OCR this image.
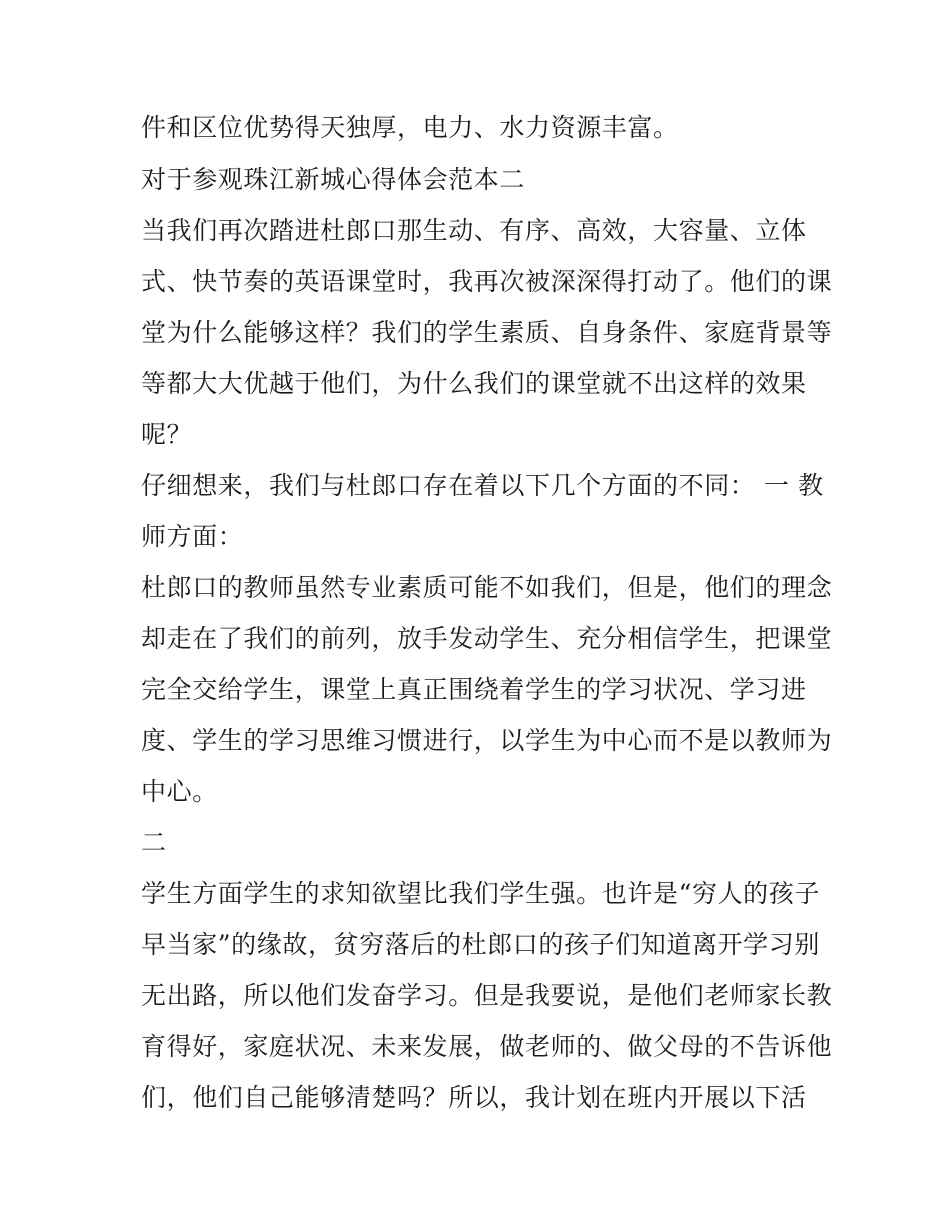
件和区位优势得天独厚，电力、水力资源丰富。
对于参观珠江新城心得体会范本二
当我们再次踏进杜郎口那生动、有序、高效，大容量、立体
式、快节奏的英语课堂时，我再次被深深得打动了。他们的课
堂为什么能够这样？我们的学生素质、自身条件、家庭背景等
等都大大优越于他们，为什么我们的课堂就不出这样的效果
呢？
仔细想来，我们与杜郎口存在着以下几个方面的不同： 一 教
师方面：
杜郎口的教师虽然专业素质可能不如我们，但是，他们的理念
却走在了我们的前列，放手发动学生、充分相信学生，把课堂
完全交给学生，课堂上真正围绕着学生的学习状况、学习进
度、学生的学习思维习惯进行，以学生为中心而不是以教师为
中心。
二
学生方面学生的求知欲望比我们学生强。也许是“穷人的孩子
早当家”的缘故，贫穷落后的杜郎口的孩子们知道离开学习别
无出路，所以他们发奋学习。但是我要说，是他们老师家长教
育得好，家庭状况、未来发展，做老师的、做父母的不告诉他
们，他们自己能够清楚吗？所以，我计划在班内开展以下活
